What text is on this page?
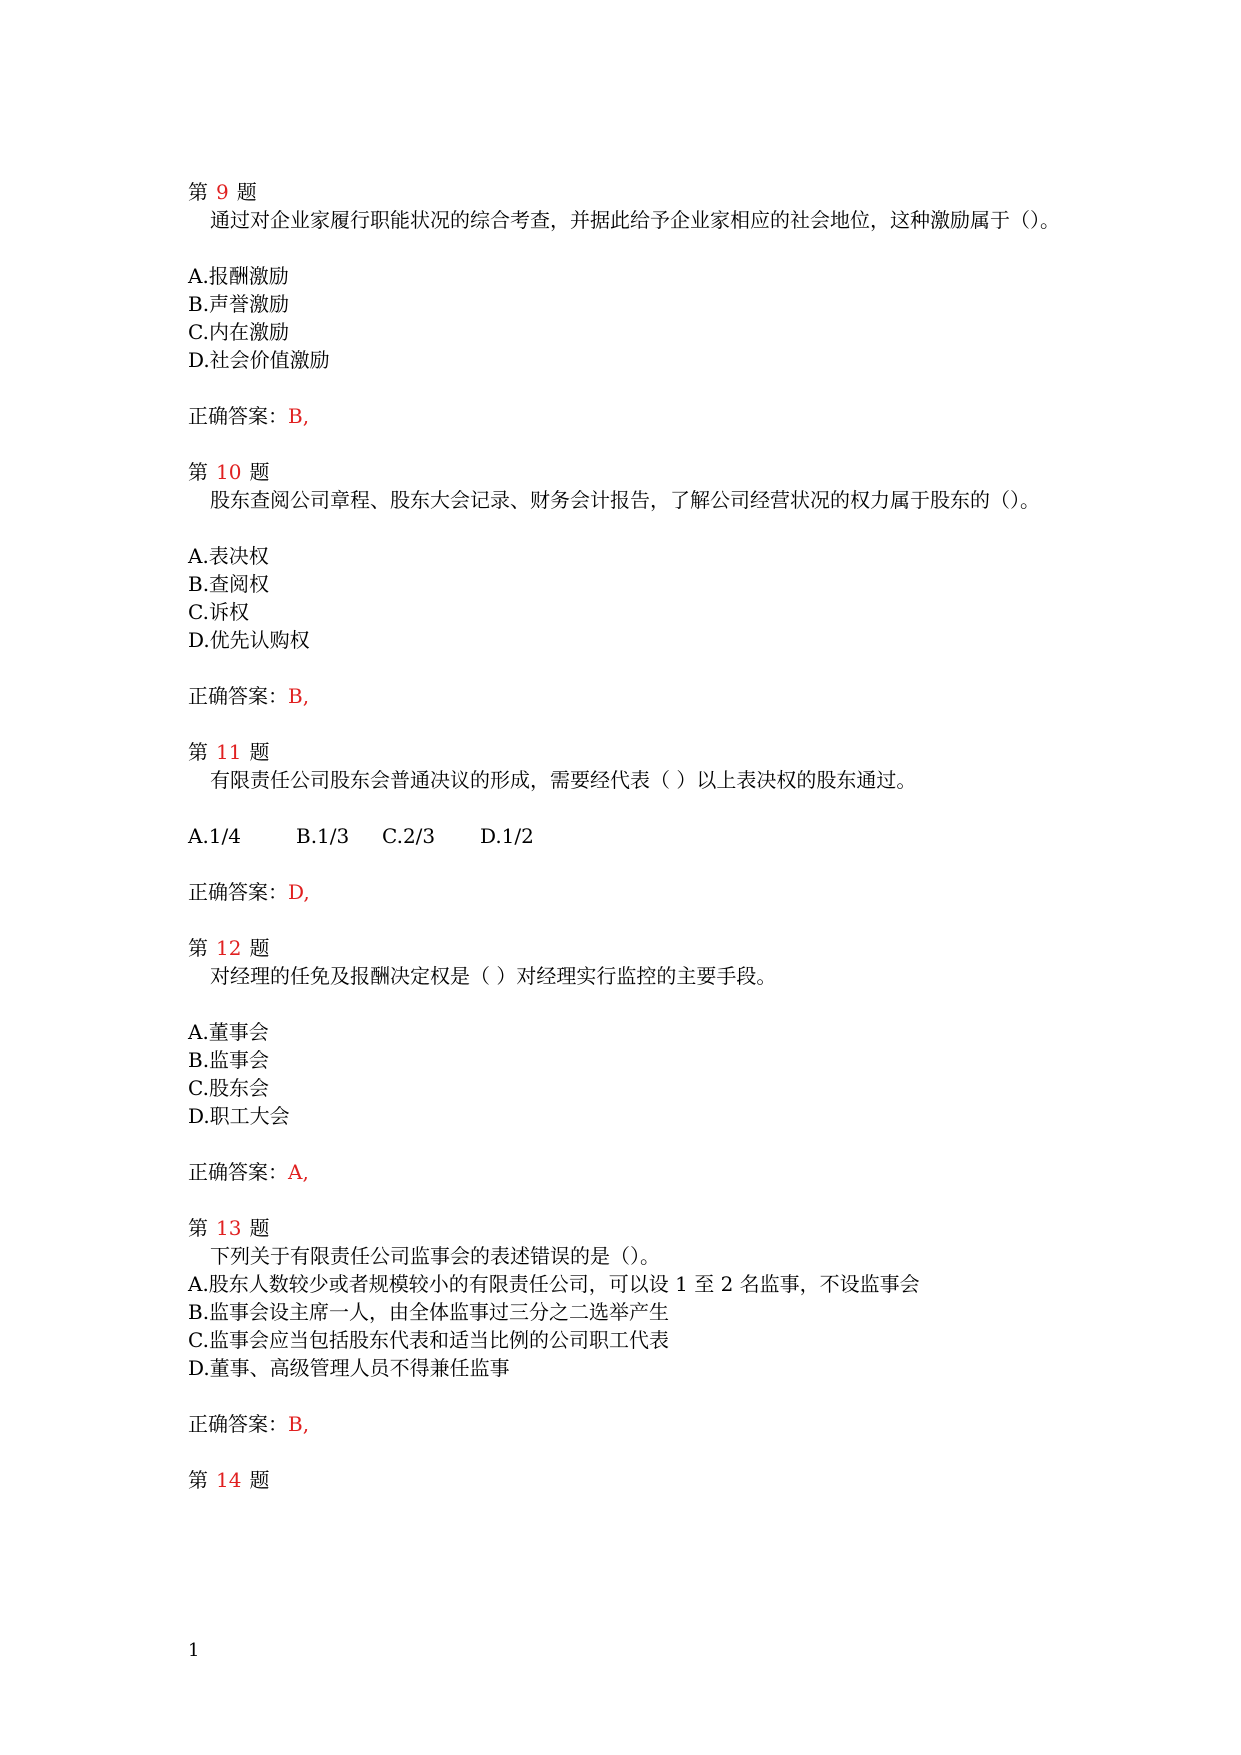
第 9 题
通过对企业家履行职能状况的综合考查，并据此给予企业家相应的社会地位，这种激励属于（）。
A.报酬激励
B.声誉激励
C.内在激励
D.社会价值激励
正确答案：B,
第 10 题
股东查阅公司章程、股东大会记录、财务会计报告，了解公司经营状况的权力属于股东的（）。
A.表决权
B.查阅权
C.诉权
D.优先认购权
正确答案：B,
第 11 题
有限责任公司股东会普通决议的形成，需要经代表（ ）以上表决权的股东通过。
A.1/4	B.1/3 C.2/3 D.1/2
正确答案：D,
第 12 题
对经理的任免及报酬决定权是（ ）对经理实行监控的主要手段。
A.董事会
B.监事会
C.股东会
D.职工大会
正确答案：A,
第 13 题
下列关于有限责任公司监事会的表述错误的是（）。
A.股东人数较少或者规模较小的有限责任公司，可以设 1 至 2 名监事，不设监事会
B.监事会设主席一人，由全体监事过三分之二选举产生
C.监事会应当包括股东代表和适当比例的公司职工代表
D.董事、高级管理人员不得兼任监事
正确答案：B,
第 14 题
1
